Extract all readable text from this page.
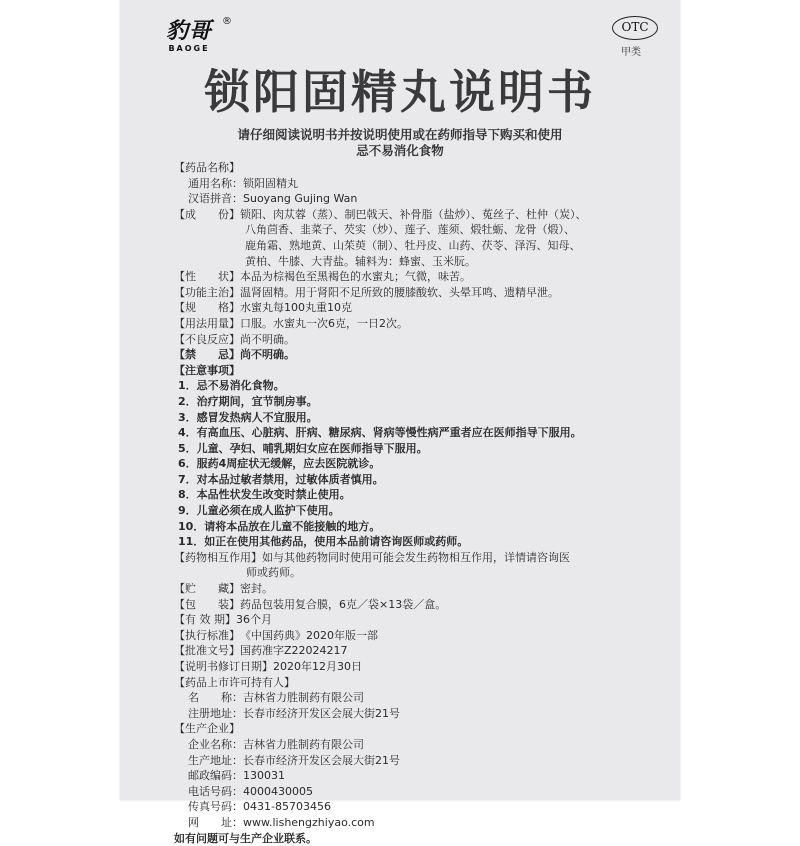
豹哥
BAOGE
®	OTC
甲类
锁阳固精丸说明书
请仔细阅读说明书并按说明使用或在药师指导下购买和使用
忌不易消化食物
【药品名称】
通用名称：锁阳固精丸
汉语拼音：Suoyang Gujing Wan
【成　　份】锁阳、肉苁蓉（蒸）、制巴戟天、补骨脂（盐炒）、菟丝子、杜仲（炭）、
八角茴香、韭菜子、芡实（炒）、莲子、莲须、煅牡蛎、龙骨（煅）、
鹿角霜、熟地黄、山茱萸（制）、牡丹皮、山药、茯苓、泽泻、知母、
黄柏、牛膝、大青盐。辅料为：蜂蜜、玉米朊。
【性　　状】本品为棕褐色至黑褐色的水蜜丸；气微，味苦。
【功能主治】温肾固精。用于肾阳不足所致的腰膝酸软、头晕耳鸣、遗精早泄。
【规　　格】水蜜丸每100丸重10克
【用法用量】口服。水蜜丸一次6克，一日2次。
【不良反应】尚不明确。
【禁　　忌】尚不明确。
【注意事项】
1．忌不易消化食物。
2．治疗期间，宜节制房事。
3．感冒发热病人不宜服用。
4．有高血压、心脏病、肝病、糖尿病、肾病等慢性病严重者应在医师指导下服用。
5．儿童、孕妇、哺乳期妇女应在医师指导下服用。
6．服药4周症状无缓解，应去医院就诊。
7．对本品过敏者禁用，过敏体质者慎用。
8．本品性状发生改变时禁止使用。
9．儿童必须在成人监护下使用。
10．请将本品放在儿童不能接触的地方。
11．如正在使用其他药品，使用本品前请咨询医师或药师。
【药物相互作用】如与其他药物同时使用可能会发生药物相互作用，详情请咨询医
师或药师。
【贮　　藏】密封。
【包　　装】药品包装用复合膜，6克／袋×13袋／盒。
【有 效 期】36个月
【执行标准】《中国药典》2020年版一部
【批准文号】国药准字Z22024217
【说明书修订日期】2020年12月30日
【药品上市许可持有人】
名　　称：吉林省力胜制药有限公司
注册地址：长春市经济开发区会展大街21号
【生产企业】
企业名称：吉林省力胜制药有限公司
生产地址：长春市经济开发区会展大街21号
邮政编码：130031
电话号码：4000430005
传真号码：0431-85703456
网　　址：www.lishengzhiyao.com
如有问题可与生产企业联系。
